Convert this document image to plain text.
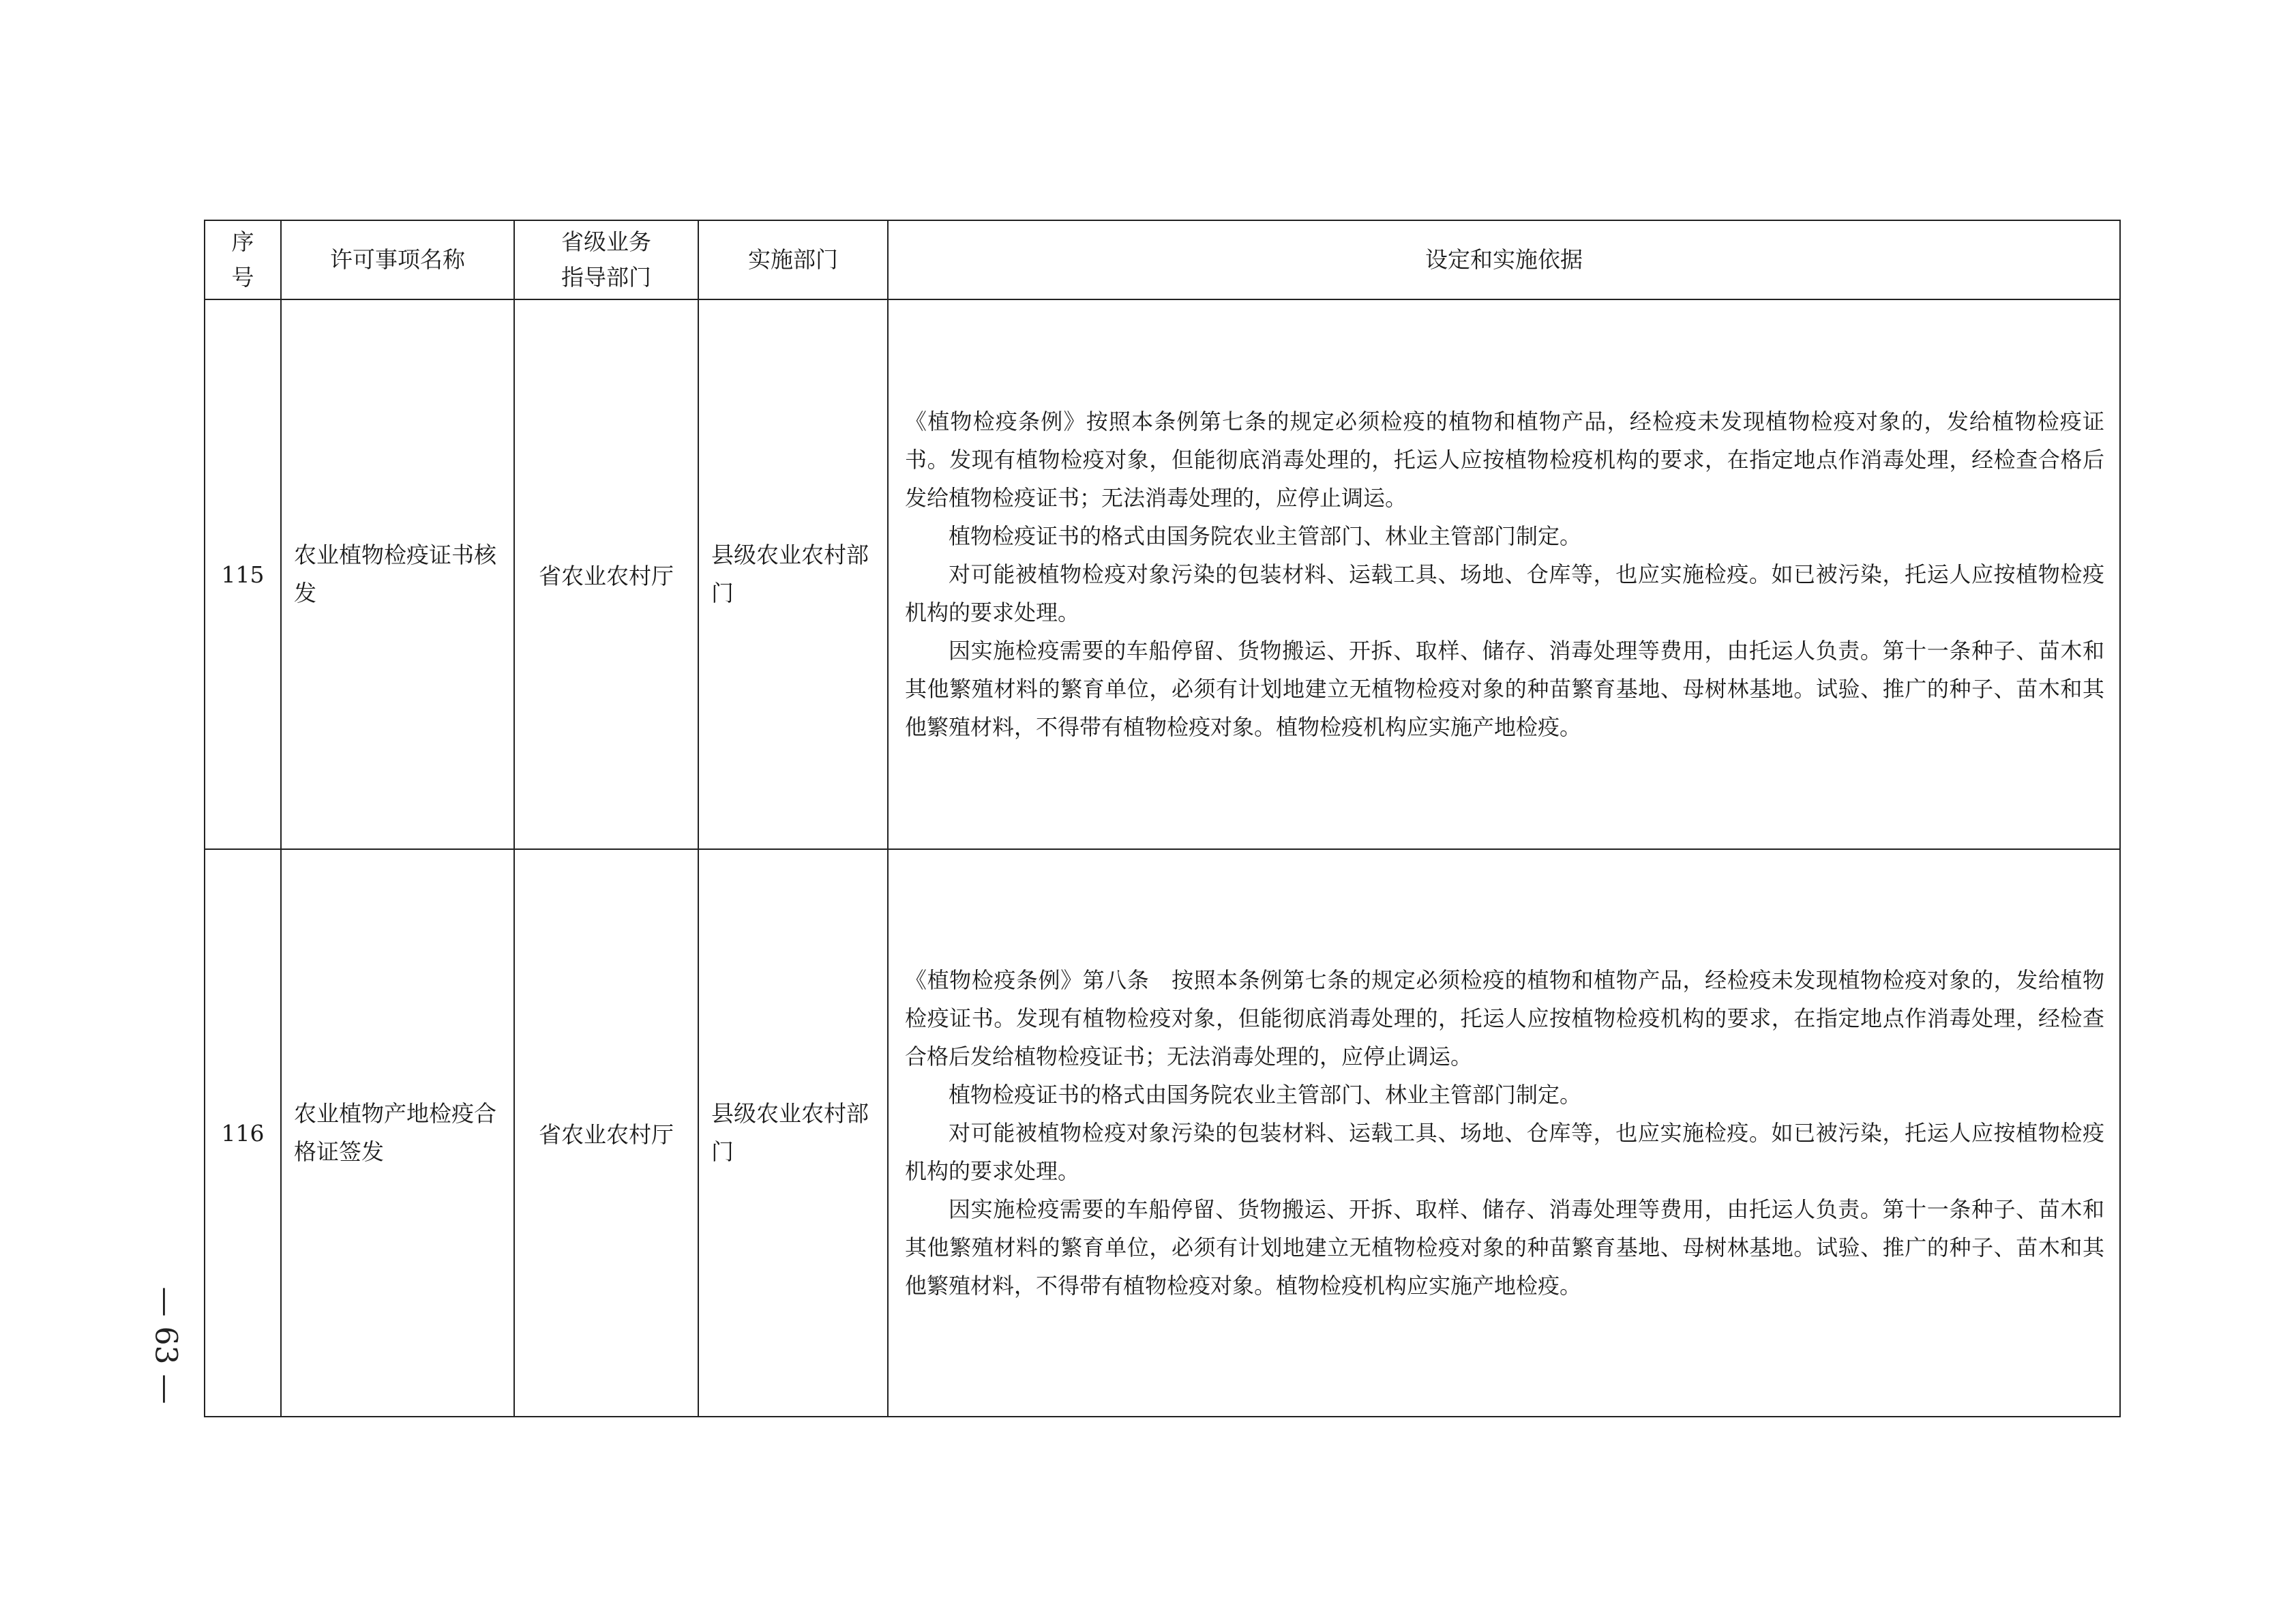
序号	许可事项名称	省级业务指导部门	实施部门	设定和实施依据
115	农业植物检疫证书核发	省农业农村厅	县级农业农村部门	《植物检疫条例》按照本条例第七条的规定必须检疫的植物和植物产品，经检疫未发现植物检疫对象的，发给植物检疫证书。发现有植物检疫对象，但能彻底消毒处理的，托运人应按植物检疫机构的要求，在指定地点作消毒处理，经检查合格后发给植物检疫证书；无法消毒处理的，应停止调运。

植物检疫证书的格式由国务院农业主管部门、林业主管部门制定。

对可能被植物检疫对象污染的包装材料、运载工具、场地、仓库等，也应实施检疫。如已被污染，托运人应按植物检疫机构的要求处理。

因实施检疫需要的车船停留、货物搬运、开拆、取样、储存、消毒处理等费用，由托运人负责。第十一条种子、苗木和其他繁殖材料的繁育单位，必须有计划地建立无植物检疫对象的种苗繁育基地、母树林基地。试验、推广的种子、苗木和其他繁殖材料，不得带有植物检疫对象。植物检疫机构应实施产地检疫。

116	农业植物产地检疫合格证签发	省农业农村厅	县级农业农村部门	《植物检疫条例》第八条　按照本条例第七条的规定必须检疫的植物和植物产品，经检疫未发现植物检疫对象的，发给植物检疫证书。发现有植物检疫对象，但能彻底消毒处理的，托运人应按植物检疫机构的要求，在指定地点作消毒处理，经检查合格后发给植物检疫证书；无法消毒处理的，应停止调运。

植物检疫证书的格式由国务院农业主管部门、林业主管部门制定。

对可能被植物检疫对象污染的包装材料、运载工具、场地、仓库等，也应实施检疫。如已被污染，托运人应按植物检疫机构的要求处理。

因实施检疫需要的车船停留、货物搬运、开拆、取样、储存、消毒处理等费用，由托运人负责。第十一条种子、苗木和其他繁殖材料的繁育单位，必须有计划地建立无植物检疫对象的种苗繁育基地、母树林基地。试验、推广的种子、苗木和其他繁殖材料，不得带有植物检疫对象。植物检疫机构应实施产地检疫。

— 63 —
